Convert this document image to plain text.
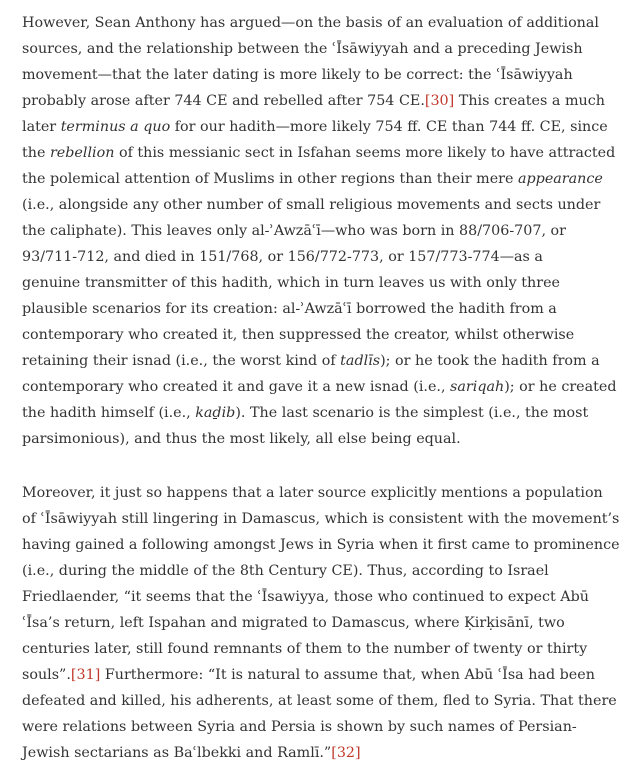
However, Sean Anthony has argued—on the basis of an evaluation of additional
sources, and the relationship between the ʿĪsāwiyyah and a preceding Jewish
movement—that the later dating is more likely to be correct: the ʿĪsāwiyyah
probably arose after 744 CE and rebelled after 754 CE.[30] This creates a much
later terminus a quo for our hadith—more likely 754 ff. CE than 744 ff. CE, since
the rebellion of this messianic sect in Isfahan seems more likely to have attracted
the polemical attention of Muslims in other regions than their mere appearance
(i.e., alongside any other number of small religious movements and sects under
the caliphate). This leaves only al-ʾAwzāʿī—who was born in 88/706-707, or
93/711-712, and died in 151/768, or 156/772-773, or 157/773-774—as a
genuine transmitter of this hadith, which in turn leaves us with only three
plausible scenarios for its creation: al-ʾAwzāʿī borrowed the hadith from a
contemporary who created it, then suppressed the creator, whilst otherwise
retaining their isnad (i.e., the worst kind of tadlīs); or he took the hadith from a
contemporary who created it and gave it a new isnad (i.e., sariqah); or he created
the hadith himself (i.e., kaḏib). The last scenario is the simplest (i.e., the most
parsimonious), and thus the most likely, all else being equal.

Moreover, it just so happens that a later source explicitly mentions a population
of ʿĪsāwiyyah still lingering in Damascus, which is consistent with the movement’s
having gained a following amongst Jews in Syria when it first came to prominence
(i.e., during the middle of the 8th Century CE). Thus, according to Israel
Friedlaender, “it seems that the ʿĪsawiyya, those who continued to expect Abū
ʿĪsa’s return, left Ispahan and migrated to Damascus, where Ḳirḳisānī, two
centuries later, still found remnants of them to the number of twenty or thirty
souls”.[31] Furthermore: “It is natural to assume that, when Abū ʿĪsa had been
defeated and killed, his adherents, at least some of them, fled to Syria. That there
were relations between Syria and Persia is shown by such names of Persian-
Jewish sectarians as Baʿlbekki and Ramlī.”[32]
